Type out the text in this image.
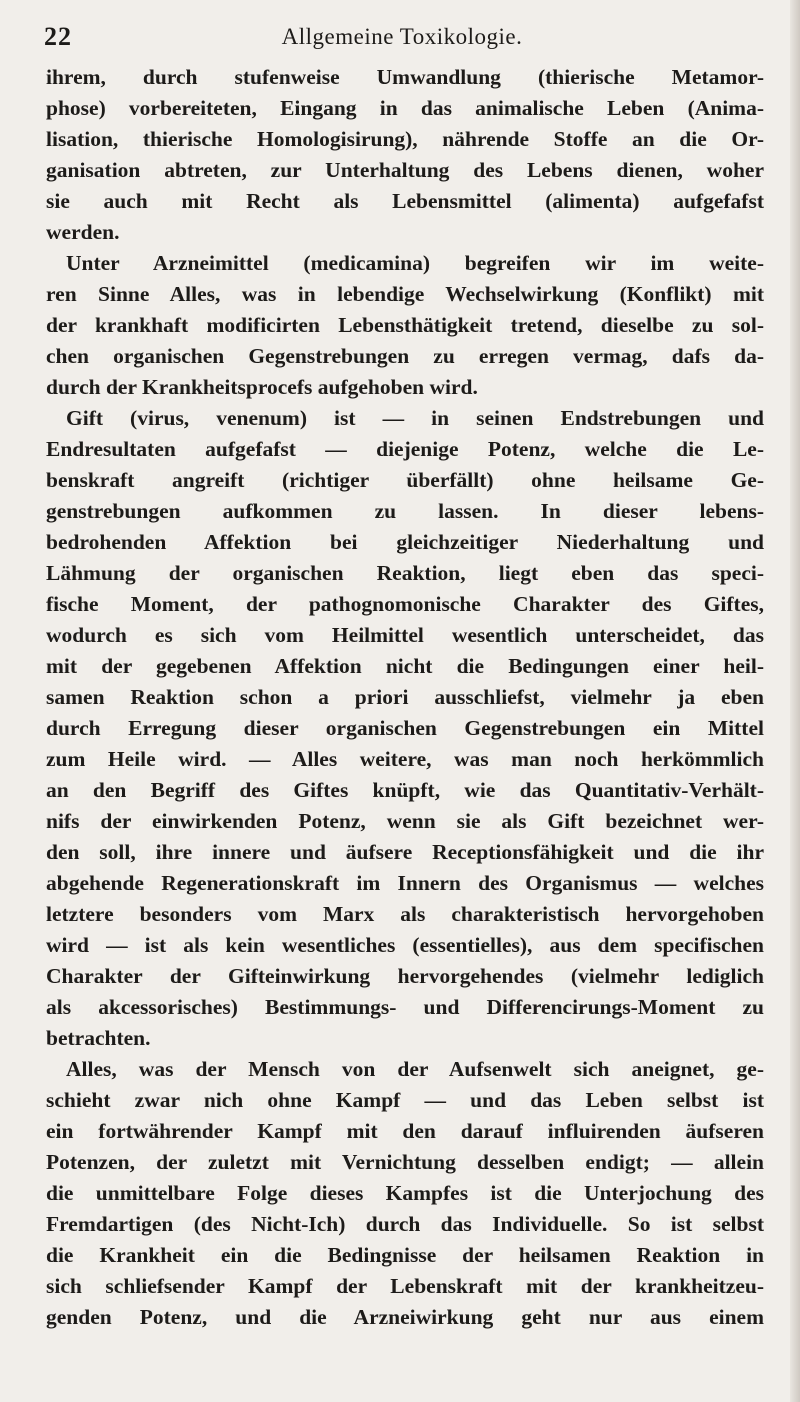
22	Allgemeine Toxikologie.
ihrem, durch stufenweise Umwandlung (thierische Metamor-
phose) vorbereiteten, Eingang in das animalische Leben (Anima-
lisation, thierische Homologisirung), nährende Stoffe an die Or-
ganisation abtreten, zur Unterhaltung des Lebens dienen, woher
sie auch mit Recht als Lebensmittel (alimenta) aufgefafst
werden.
Unter Arzneimittel (medicamina) begreifen wir im weite-
ren Sinne Alles, was in lebendige Wechselwirkung (Konflikt) mit
der krankhaft modificirten Lebensthätigkeit tretend, dieselbe zu sol-
chen organischen Gegenstrebungen zu erregen vermag, dafs da-
durch der Krankheitsprocefs aufgehoben wird.
Gift (virus, venenum) ist — in seinen Endstrebungen und
Endresultaten aufgefafst — diejenige Potenz, welche die Le-
benskraft angreift (richtiger überfällt) ohne heilsame Ge-
genstrebungen aufkommen zu lassen. In dieser lebens-
bedrohenden Affektion bei gleichzeitiger Niederhaltung und
Lähmung der organischen Reaktion, liegt eben das speci-
fische Moment, der pathognomonische Charakter des Giftes,
wodurch es sich vom Heilmittel wesentlich unterscheidet, das
mit der gegebenen Affektion nicht die Bedingungen einer heil-
samen Reaktion schon a priori ausschliefst, vielmehr ja eben
durch Erregung dieser organischen Gegenstrebungen ein Mittel
zum Heile wird. — Alles weitere, was man noch herkömmlich
an den Begriff des Giftes knüpft, wie das Quantitativ-Verhält-
nifs der einwirkenden Potenz, wenn sie als Gift bezeichnet wer-
den soll, ihre innere und äufsere Receptionsfähigkeit und die ihr
abgehende Regenerationskraft im Innern des Organismus — welches
letztere besonders vom Marx als charakteristisch hervorgehoben
wird — ist als kein wesentliches (essentielles), aus dem specifischen
Charakter der Gifteinwirkung hervorgehendes (vielmehr lediglich
als akcessorisches) Bestimmungs- und Differencirungs-Moment zu
betrachten.
Alles, was der Mensch von der Aufsenwelt sich aneignet, ge-
schieht zwar nich ohne Kampf — und das Leben selbst ist
ein fortwährender Kampf mit den darauf influirenden äufseren
Potenzen, der zuletzt mit Vernichtung desselben endigt; — allein
die unmittelbare Folge dieses Kampfes ist die Unterjochung des
Fremdartigen (des Nicht-Ich) durch das Individuelle. So ist selbst
die Krankheit ein die Bedingnisse der heilsamen Reaktion in
sich schliefsender Kampf der Lebenskraft mit der krankheitzeu-
genden Potenz, und die Arzneiwirkung geht nur aus einem
